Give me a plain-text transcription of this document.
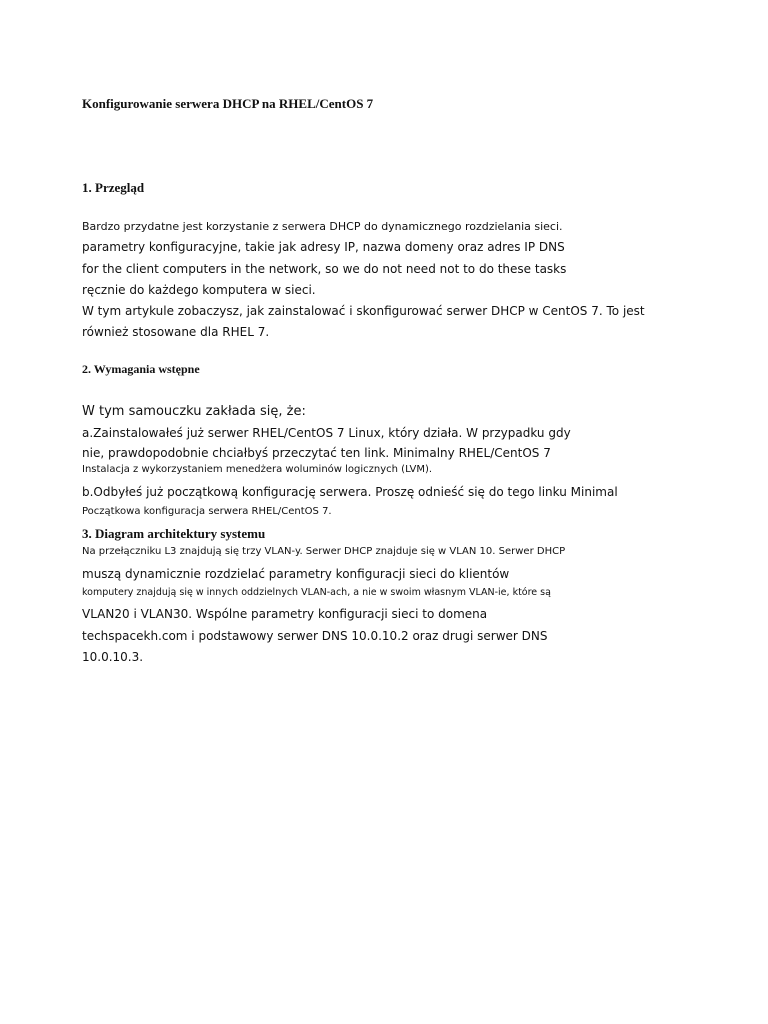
Konfigurowanie serwera DHCP na RHEL/CentOS 7
1. Przegląd
Bardzo przydatne jest korzystanie z serwera DHCP do dynamicznego rozdzielania sieci.
parametry konfiguracyjne, takie jak adresy IP, nazwa domeny oraz adres IP DNS
for the client computers in the network, so we do not need not to do these tasks
ręcznie do każdego komputera w sieci.
W tym artykule zobaczysz, jak zainstalować i skonfigurować serwer DHCP w CentOS 7. To jest
również stosowane dla RHEL 7.
2. Wymagania wstępne
W tym samouczku zakłada się, że:
a.Zainstalowałeś już serwer RHEL/CentOS 7 Linux, który działa. W przypadku gdy
nie, prawdopodobnie chciałbyś przeczytać ten link. Minimalny RHEL/CentOS 7
Instalacja z wykorzystaniem menedżera woluminów logicznych (LVM).
b.Odbyłeś już początkową konfigurację serwera. Proszę odnieść się do tego linku Minimal
Początkowa konfiguracja serwera RHEL/CentOS 7.
3. Diagram architektury systemu
Na przełączniku L3 znajdują się trzy VLAN-y. Serwer DHCP znajduje się w VLAN 10. Serwer DHCP
muszą dynamicznie rozdzielać parametry konfiguracji sieci do klientów
komputery znajdują się w innych oddzielnych VLAN-ach, a nie w swoim własnym VLAN-ie, które są
VLAN20 i VLAN30. Wspólne parametry konfiguracji sieci to domena
techspacekh.com i podstawowy serwer DNS 10.0.10.2 oraz drugi serwer DNS
10.0.10.3.
